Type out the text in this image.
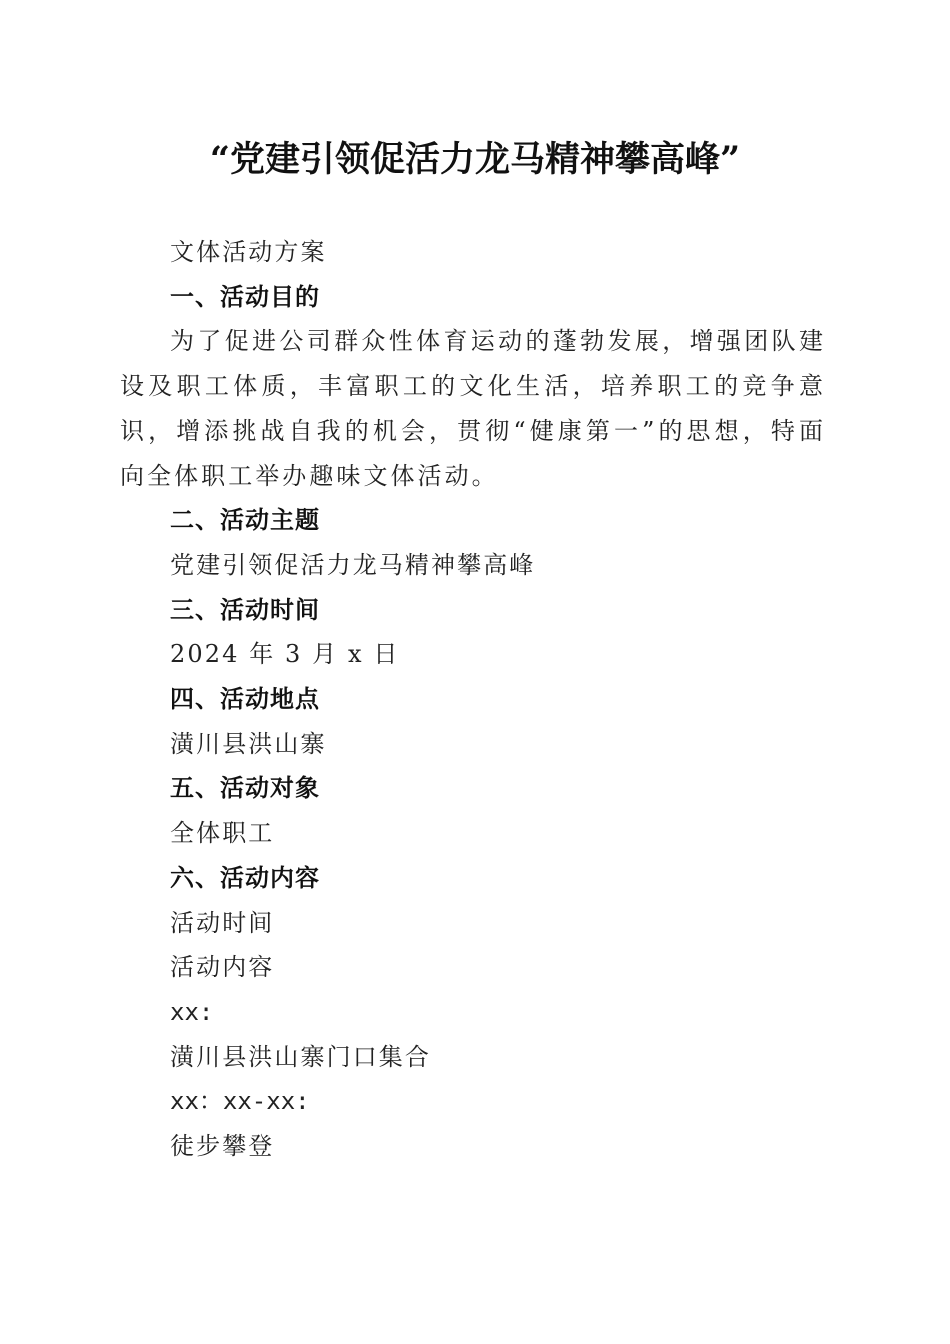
“党建引领促活力龙马精神攀高峰”

文体活动方案

一、活动目的

为了促进公司群众性体育运动的蓬勃发展，增强团队建设及职工体质，丰富职工的文化生活，培养职工的竞争意识，增添挑战自我的机会，贯彻“健康第一”的思想，特面向全体职工举办趣味文体活动。

二、活动主题

党建引领促活力龙马精神攀高峰

三、活动时间

2024 年 3 月 x 日

四、活动地点

潢川县洪山寨

五、活动对象

全体职工

六、活动内容

活动时间

活动内容

xx:

潢川县洪山寨门口集合

xx：xx-xx:

徒步攀登
